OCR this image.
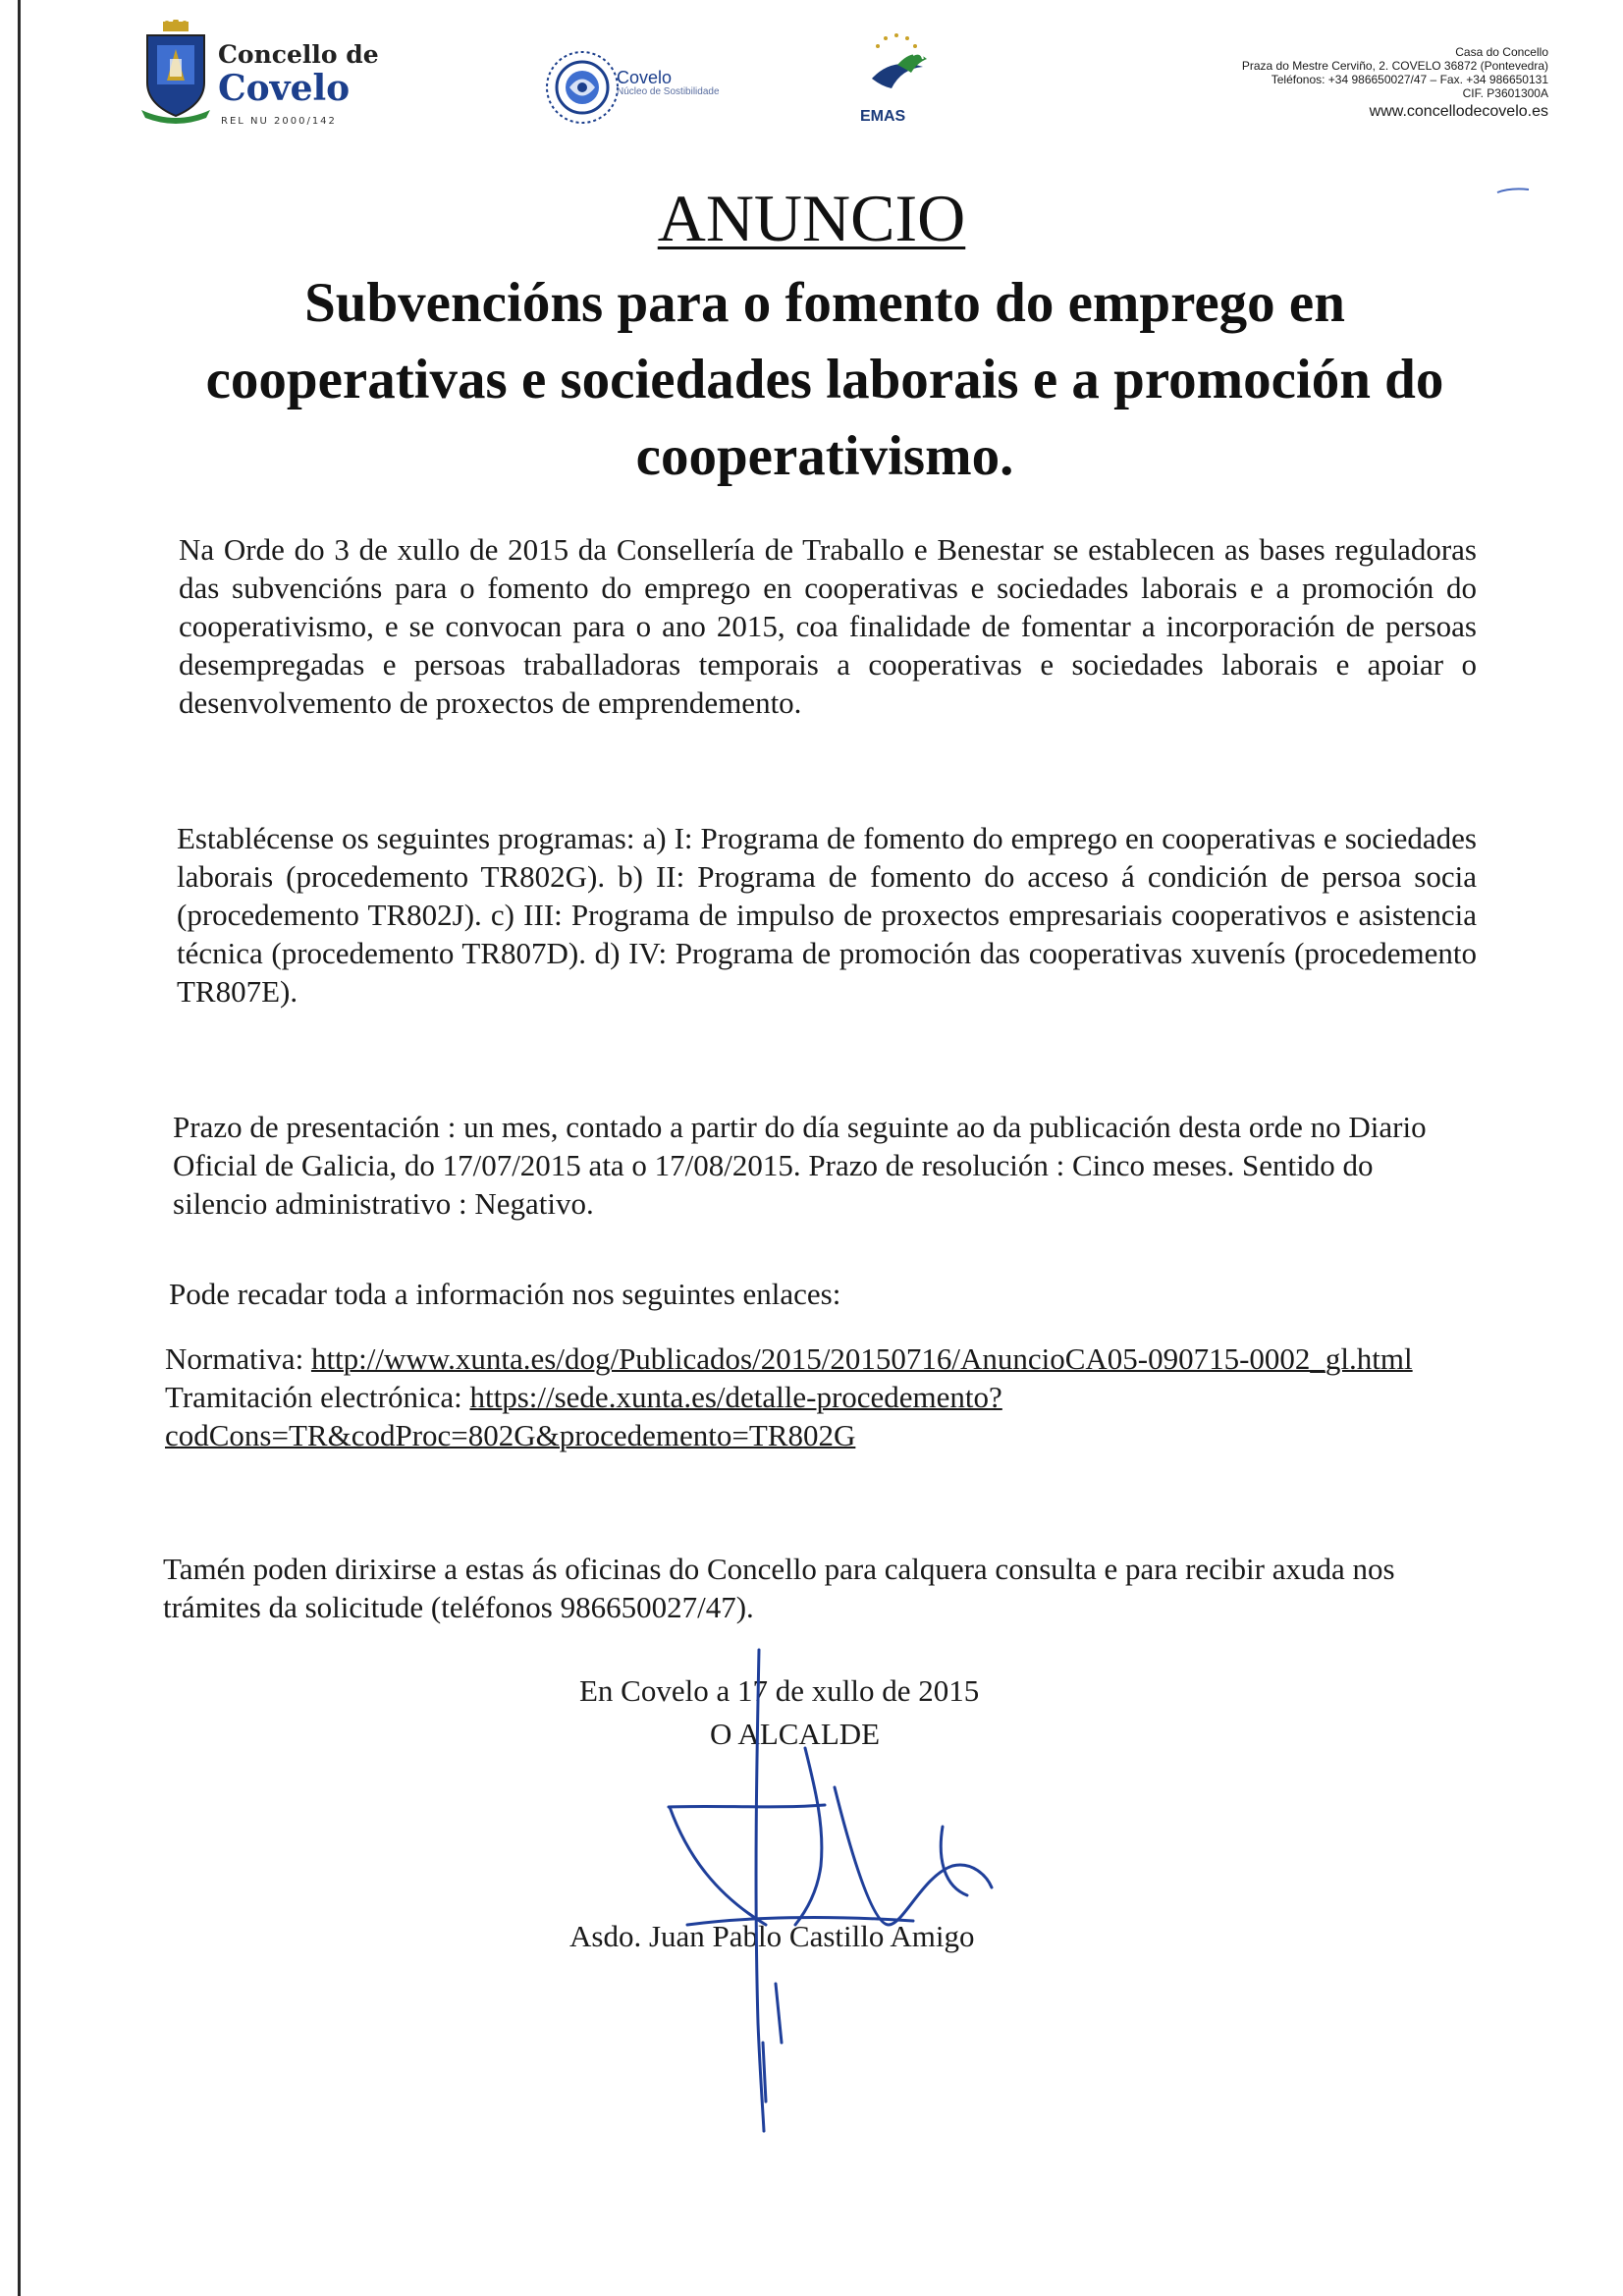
Concello de
Covelo
REL NU 2000/142
Covelo
Núcleo de Sostibilidade
EMAS
Casa do Concello
Praza do Mestre Cerviño, 2. COVELO 36872 (Pontevedra)
Teléfonos: +34 986650027/47 – Fax. +34 986650131
CIF. P3601300A
www.concellodecovelo.es
ANUNCIO
Subvencións para o fomento do emprego en cooperativas e sociedades laborais e a promoción do cooperativismo.

Na Orde do 3 de xullo de 2015 da Consellería de Traballo e Benestar se establecen as bases reguladoras das subvencións para o fomento do emprego en cooperativas e sociedades laborais e a promoción do cooperativismo, e se convocan para o ano 2015, coa finalidade de fomentar a incorporación de persoas desempregadas e persoas traballadoras temporais a cooperativas e sociedades laborais e apoiar o desenvolvemento de proxectos de emprendemento.

Establécense os seguintes programas: a) I: Programa de fomento do emprego en cooperativas e sociedades laborais (procedemento TR802G). b) II: Programa de fomento do acceso á condición de persoa socia (procedemento TR802J). c) III: Programa de impulso de proxectos empresariais cooperativos e asistencia técnica (procedemento TR807D). d) IV: Programa de promoción das cooperativas xuvenís (procedemento TR807E).

Prazo de presentación : un mes, contado a partir do día seguinte ao da publicación desta orde no Diario Oficial de Galicia, do 17/07/2015 ata o 17/08/2015. Prazo de resolución : Cinco meses. Sentido do silencio administrativo : Negativo.

Pode recadar toda a información nos seguintes enlaces:

Normativa: http://www.xunta.es/dog/Publicados/2015/20150716/AnuncioCA05-090715-0002_gl.html
Tramitación electrónica: https://sede.xunta.es/detalle-procedemento?codCons=TR&codProc=802G&procedemento=TR802G

Tamén poden dirixirse a estas ás oficinas do Concello para calquera consulta e para recibir axuda nos trámites da solicitude (teléfonos 986650027/47).

En Covelo a 17 de xullo de 2015
O ALCALDE
Asdo. Juan Pablo Castillo Amigo
